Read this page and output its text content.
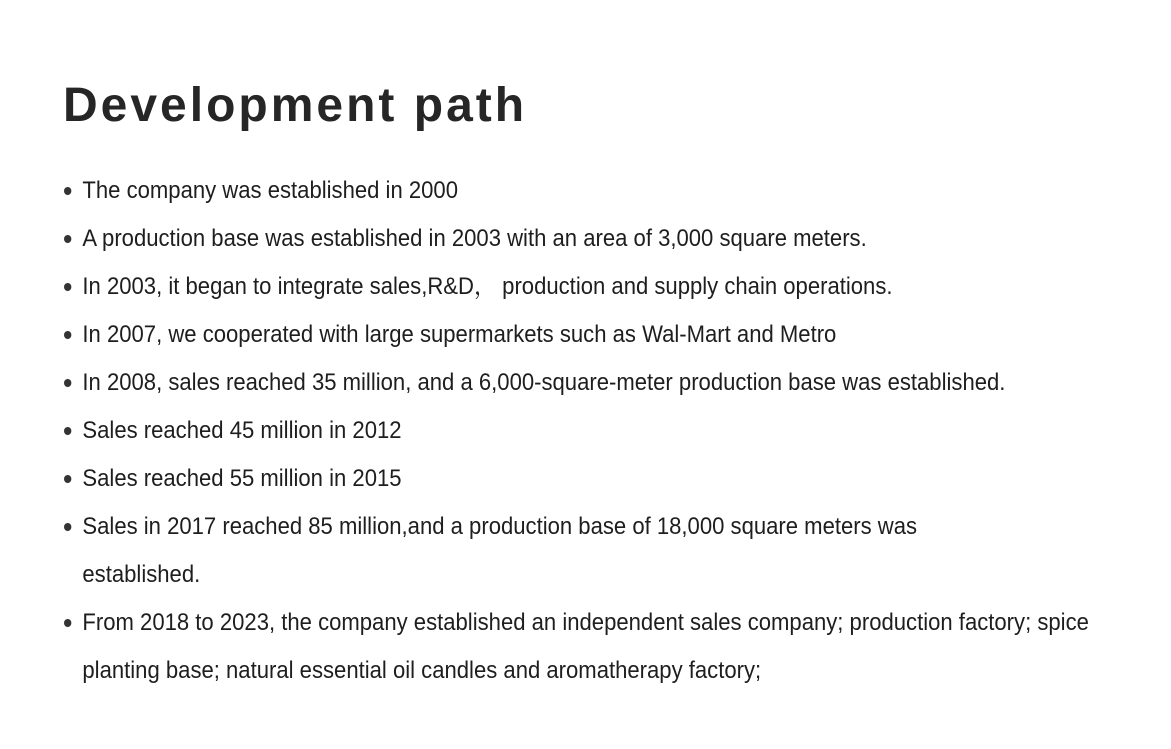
Development path
The company was established in 2000
A production base was established in 2003 with an area of 3,000 square meters.
In 2003, it began to integrate sales,R&D， production and supply chain operations.
In 2007, we cooperated with large supermarkets such as Wal-Mart and Metro
In 2008, sales reached 35 million, and a 6,000-square-meter production base was established.
Sales reached 45 million in 2012
Sales reached 55 million in 2015
Sales in 2017 reached 85 million,and a production base of 18,000 square meters was established.
From 2018 to 2023, the company established an independent sales company; production factory; spice planting base; natural essential oil candles and aromatherapy factory;
